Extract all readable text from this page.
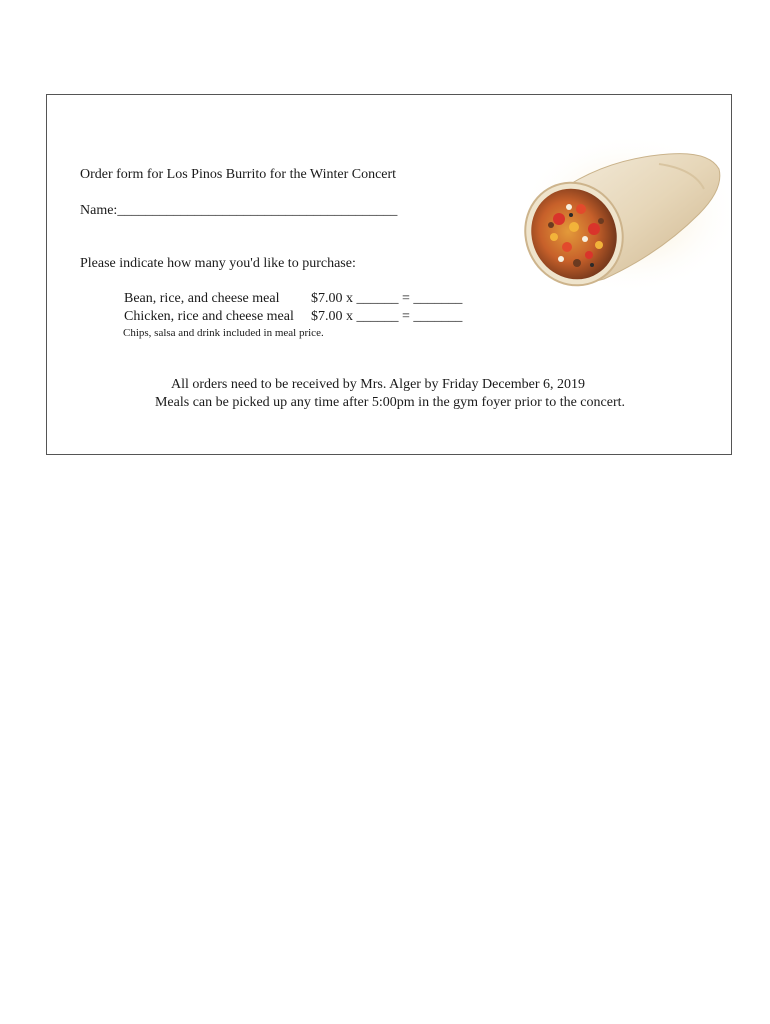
Order form for Los Pinos Burrito for the Winter Concert
Name:________________________________________
Please indicate how many you'd like to purchase:
Bean, rice, and cheese meal $7.00 x ______ = _______
Chicken, rice and cheese meal $7.00 x ______ = _______
Chips, salsa and drink included in meal price.
All orders need to be received by Mrs. Alger by Friday December 6, 2019
Meals can be picked up any time after 5:00pm in the gym foyer prior to the concert.
